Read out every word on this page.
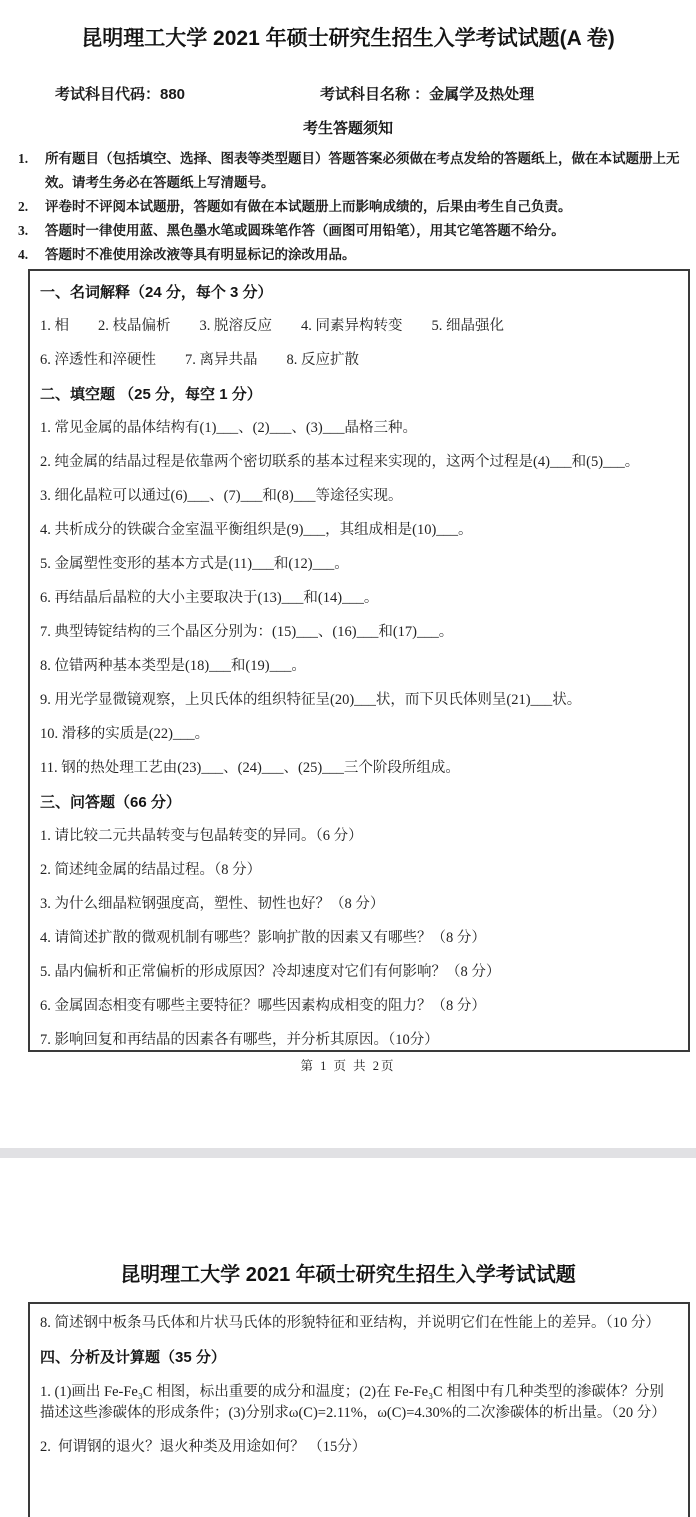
昆明理工大学 2021 年硕士研究生招生入学考试试题(A 卷)
考试科目代码：880	考试科目名称 ：金属学及热处理
考生答题须知
1.	所有题目（包括填空、选择、图表等类型题目）答题答案必须做在考点发给的答题纸上，做在本试题册上无效。请考生务必在答题纸上写清题号。
2.	评卷时不评阅本试题册，答题如有做在本试题册上而影响成绩的，后果由考生自己负责。
3.	答题时一律使用蓝、黑色墨水笔或圆珠笔作答（画图可用铅笔），用其它笔答题不给分。
4.	答题时不准使用涂改液等具有明显标记的涂改用品。
一、名词解释（24 分，每个 3 分）
1. 相　　2. 枝晶偏析　　3. 脱溶反应　　4. 同素异构转变　　5. 细晶强化
6. 淬透性和淬硬性　　7. 离异共晶　　8. 反应扩散
二、填空题 （25 分，每空 1 分）
1. 常见金属的晶体结构有(1)___、(2)___、(3)___晶格三种。
2. 纯金属的结晶过程是依靠两个密切联系的基本过程来实现的，这两个过程是(4)___和(5)___。
3. 细化晶粒可以通过(6)___、(7)___和(8)___等途径实现。
4. 共析成分的铁碳合金室温平衡组织是(9)___，其组成相是(10)___。
5. 金属塑性变形的基本方式是(11)___和(12)___。
6. 再结晶后晶粒的大小主要取决于(13)___和(14)___。
7. 典型铸锭结构的三个晶区分别为：(15)___、(16)___和(17)___。
8. 位错两种基本类型是(18)___和(19)___。
9. 用光学显微镜观察，上贝氏体的组织特征呈(20)___状，而下贝氏体则呈(21)___状。
10. 滑移的实质是(22)___。
11. 钢的热处理工艺由(23)___、(24)___、(25)___三个阶段所组成。
三、问答题（66 分）
1. 请比较二元共晶转变与包晶转变的异同。（6 分）
2. 简述纯金属的结晶过程。（8 分）
3. 为什么细晶粒钢强度高，塑性、韧性也好？（8 分）
4. 请简述扩散的微观机制有哪些？影响扩散的因素又有哪些？（8 分）
5. 晶内偏析和正常偏析的形成原因？冷却速度对它们有何影响？（8 分）
6. 金属固态相变有哪些主要特征？哪些因素构成相变的阻力？（8 分）
7. 影响回复和再结晶的因素各有哪些，并分析其原因。（10分）
第 1 页 共 2页
昆明理工大学 2021 年硕士研究生招生入学考试试题
8. 简述钢中板条马氏体和片状马氏体的形貌特征和亚结构，并说明它们在性能上的差异。（10 分）
四、分析及计算题（35 分）
1. (1)画出 Fe-Fe₃C 相图，标出重要的成分和温度；(2)在 Fe-Fe₃C 相图中有几种类型的渗碳体？分别描述这些渗碳体的形成条件；(3)分别求ω(C)=2.11%，ω(C)=4.30%的二次渗碳体的析出量。（20 分）
2.  何谓钢的退火？退火种类及用途如何？ （15分）
